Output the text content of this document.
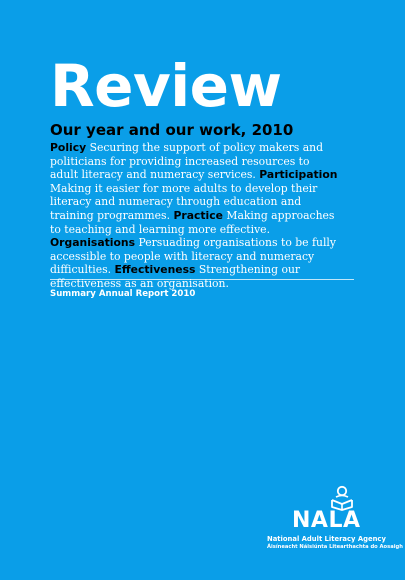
Review
Our year and our work, 2010

Policy Securing the support of policy makers and politicians for providing increased resources to adult literacy and numeracy services. Participation Making it easier for more adults to develop their literacy and numeracy through education and training programmes. Practice Making approaches to teaching and learning more effective. Organisations Persuading organisations to be fully accessible to people with literacy and numeracy difficulties. Effectiveness Strengthening our effectiveness as an organisation.

Summary Annual Report 2010

NALA
National Adult Literacy Agency
Áisíneacht Náisiúnta Litearthachta do Aosaigh
